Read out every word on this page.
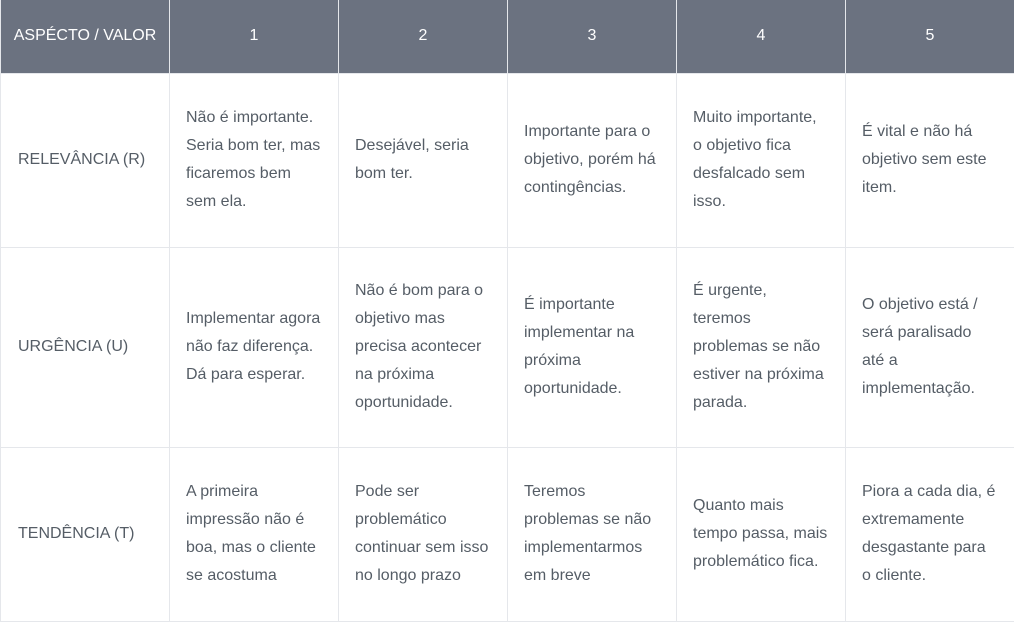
ASPÉCTO / VALOR	1	2	3	4	5
RELEVÂNCIA (R)	Não é importante. Seria bom ter, mas ficaremos bem sem ela.	Desejável, seria bom ter.	Importante para o objetivo, porém há contingências.	Muito importante, o objetivo fica desfalcado sem isso.	É vital e não há objetivo sem este item.
URGÊNCIA (U)	Implementar agora não faz diferença. Dá para esperar.	Não é bom para o objetivo mas precisa acontecer na próxima oportunidade.	É importante implementar na próxima oportunidade.	É urgente, teremos problemas se não estiver na próxima parada.	O objetivo está / será paralisado até a implementação.
TENDÊNCIA (T)	A primeira impressão não é boa, mas o cliente se acostuma	Pode ser problemático continuar sem isso no longo prazo	Teremos problemas se não implementarmos em breve	Quanto mais tempo passa, mais problemático fica.	Piora a cada dia, é extremamente desgastante para o cliente.
